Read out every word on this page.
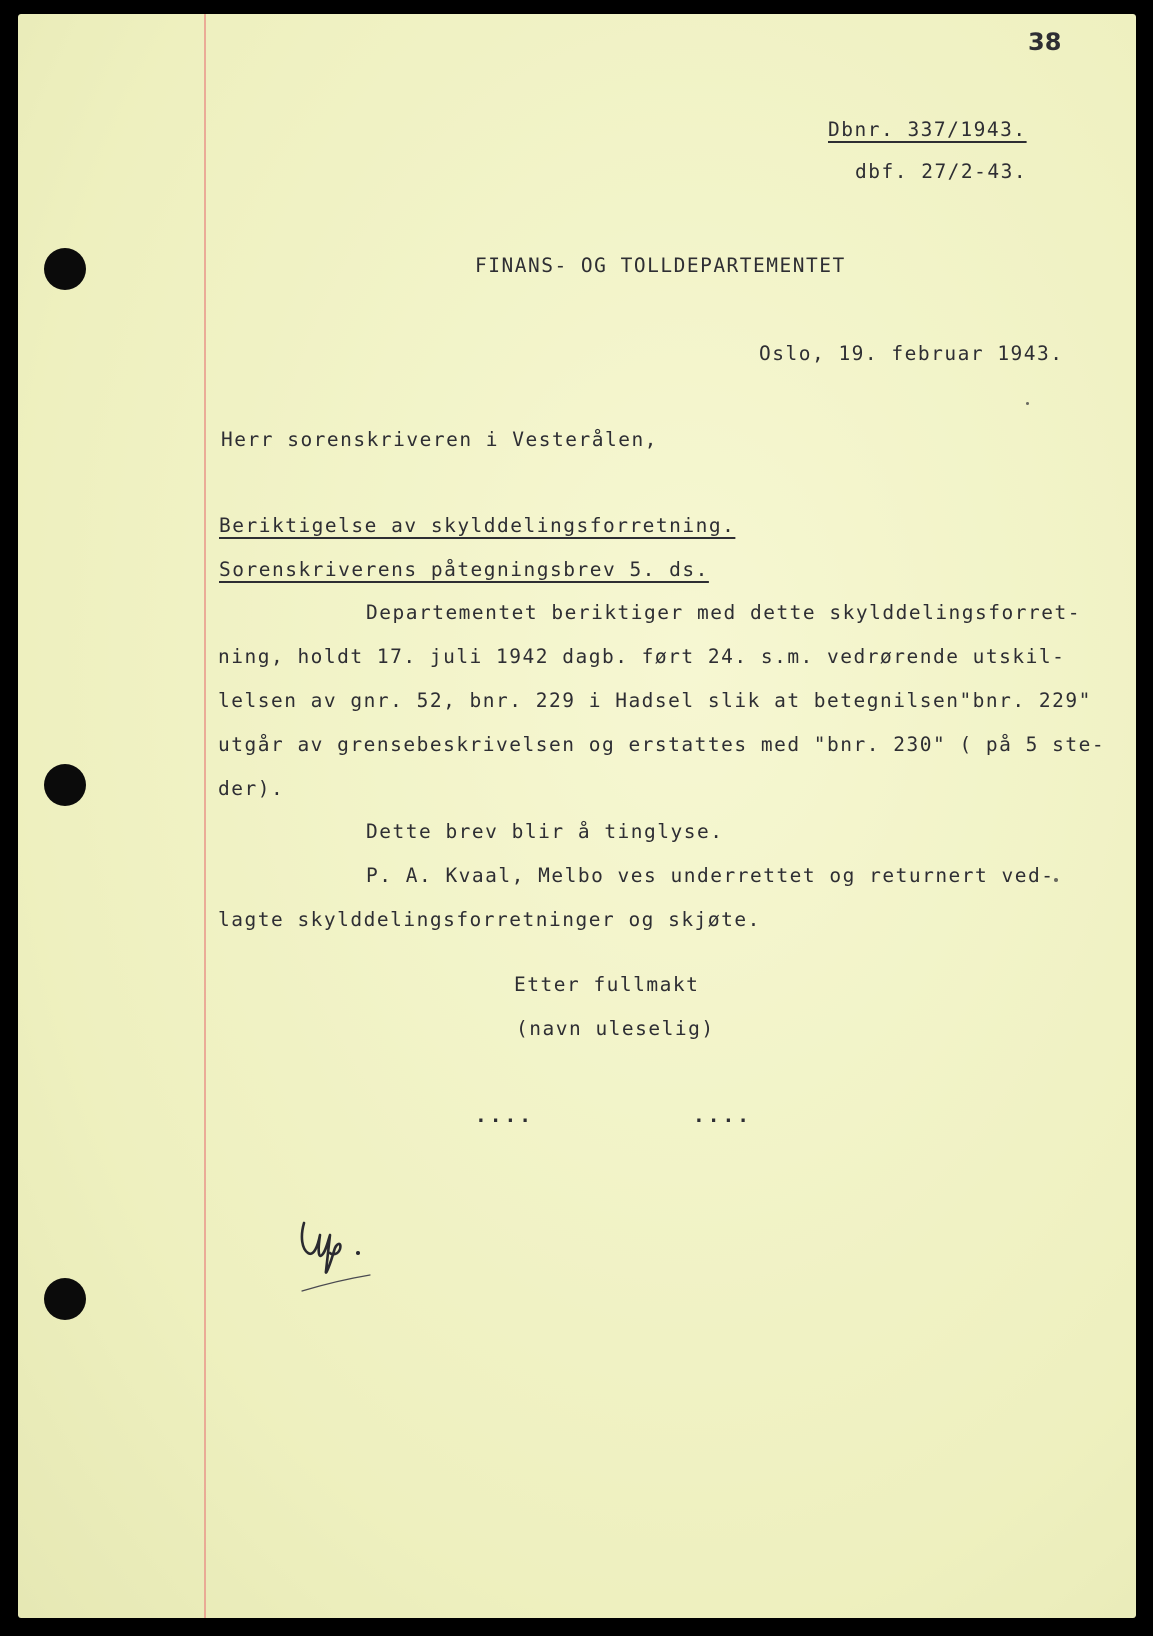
38
Dbnr. 337/1943.
dbf. 27/2-43.
FINANS- OG TOLLDEPARTEMENTET
Oslo, 19. februar 1943.
Herr sorenskriveren i Vesterålen,
Beriktigelse av skylddelingsforretning.
Sorenskriverens påtegningsbrev 5. ds.
Departementet beriktiger med dette skylddelingsforret-
ning, holdt 17. juli 1942 dagb. ført 24. s.m. vedrørende utskil-
lelsen av gnr. 52, bnr. 229 i Hadsel slik at betegnilsen"bnr. 229"
utgår av grensebeskrivelsen og erstattes med "bnr. 230" ( på 5 ste-
der).
Dette brev blir å tinglyse.
P. A. Kvaal, Melbo ves underrettet og returnert ved-
lagte skylddelingsforretninger og skjøte.
Etter fullmakt
(navn uleselig)
....	....
